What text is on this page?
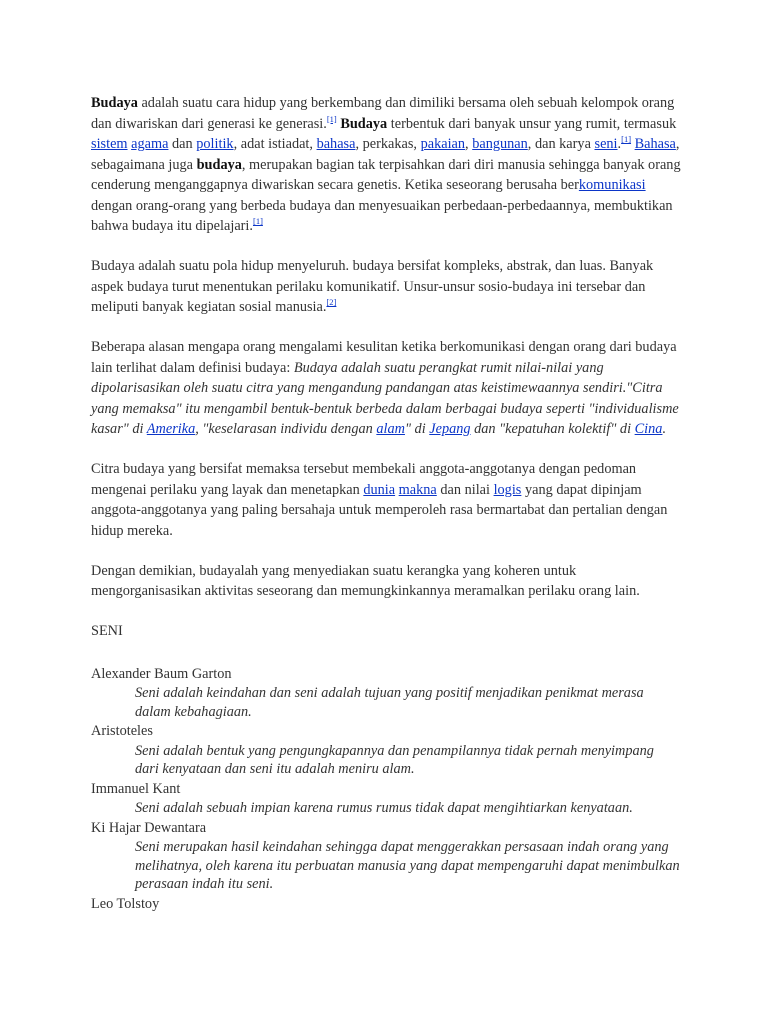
Budaya adalah suatu cara hidup yang berkembang dan dimiliki bersama oleh sebuah kelompok orang dan diwariskan dari generasi ke generasi.[1] Budaya terbentuk dari banyak unsur yang rumit, termasuk sistem agama dan politik, adat istiadat, bahasa, perkakas, pakaian, bangunan, dan karya seni.[1] Bahasa, sebagaimana juga budaya, merupakan bagian tak terpisahkan dari diri manusia sehingga banyak orang cenderung menganggapnya diwariskan secara genetis. Ketika seseorang berusaha berkomunikasi dengan orang-orang yang berbeda budaya dan menyesuaikan perbedaan-perbedaannya, membuktikan bahwa budaya itu dipelajari.[1]

Budaya adalah suatu pola hidup menyeluruh. budaya bersifat kompleks, abstrak, dan luas. Banyak aspek budaya turut menentukan perilaku komunikatif. Unsur-unsur sosio-budaya ini tersebar dan meliputi banyak kegiatan sosial manusia.[2]

Beberapa alasan mengapa orang mengalami kesulitan ketika berkomunikasi dengan orang dari budaya lain terlihat dalam definisi budaya: Budaya adalah suatu perangkat rumit nilai-nilai yang dipolarisasikan oleh suatu citra yang mengandung pandangan atas keistimewaannya sendiri."Citra yang memaksa" itu mengambil bentuk-bentuk berbeda dalam berbagai budaya seperti "individualisme kasar" di Amerika, "keselarasan individu dengan alam" di Jepang dan "kepatuhan kolektif" di Cina.

Citra budaya yang bersifat memaksa tersebut membekali anggota-anggotanya dengan pedoman mengenai perilaku yang layak dan menetapkan dunia makna dan nilai logis yang dapat dipinjam anggota-anggotanya yang paling bersahaja untuk memperoleh rasa bermartabat dan pertalian dengan hidup mereka.

Dengan demikian, budayalah yang menyediakan suatu kerangka yang koheren untuk mengorganisasikan aktivitas seseorang dan memungkinkannya meramalkan perilaku orang lain.

SENI
Alexander Baum Garton
Seni adalah keindahan dan seni adalah tujuan yang positif menjadikan penikmat merasa dalam kebahagiaan.
Aristoteles
Seni adalah bentuk yang pengungkapannya dan penampilannya tidak pernah menyimpang dari kenyataan dan seni itu adalah meniru alam.
Immanuel Kant
Seni adalah sebuah impian karena rumus rumus tidak dapat mengihtiarkan kenyataan.
Ki Hajar Dewantara
Seni merupakan hasil keindahan sehingga dapat menggerakkan persasaan indah orang yang melihatnya, oleh karena itu perbuatan manusia yang dapat mempengaruhi dapat menimbulkan perasaan indah itu seni.
Leo Tolstoy
